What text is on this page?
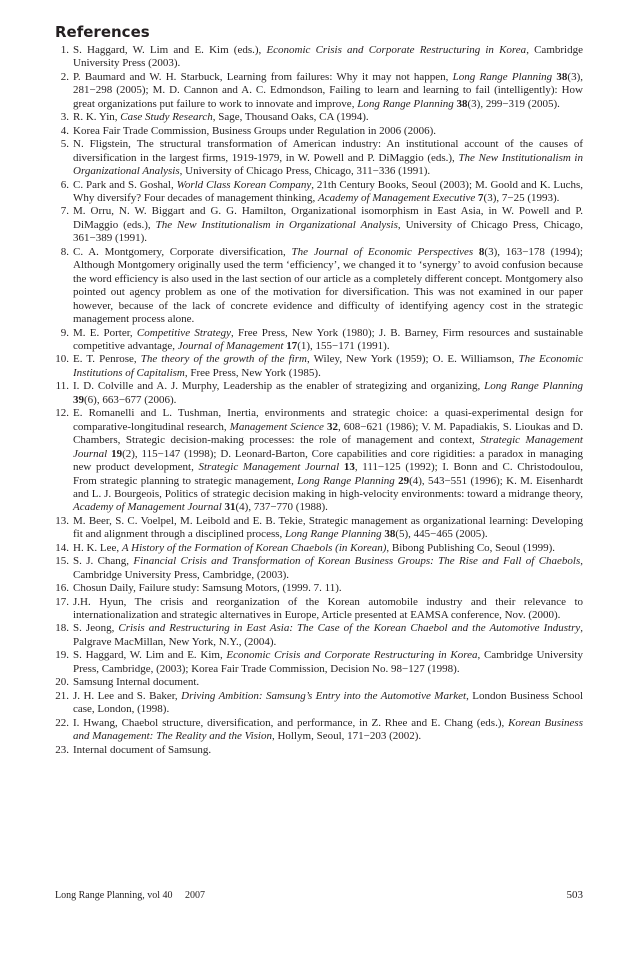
References
1. S. Haggard, W. Lim and E. Kim (eds.), Economic Crisis and Corporate Restructuring in Korea, Cambridge University Press (2003).
2. P. Baumard and W. H. Starbuck, Learning from failures: Why it may not happen, Long Range Planning 38(3), 281−298 (2005); M. D. Cannon and A. C. Edmondson, Failing to learn and learning to fail (intelligently): How great organizations put failure to work to innovate and improve, Long Range Planning 38(3), 299−319 (2005).
3. R. K. Yin, Case Study Research, Sage, Thousand Oaks, CA (1994).
4. Korea Fair Trade Commission, Business Groups under Regulation in 2006 (2006).
5. N. Fligstein, The structural transformation of American industry: An institutional account of the causes of diversification in the largest firms, 1919-1979, in W. Powell and P. DiMaggio (eds.), The New Institutionalism in Organizational Analysis, University of Chicago Press, Chicago, 311−336 (1991).
6. C. Park and S. Goshal, World Class Korean Company, 21th Century Books, Seoul (2003); M. Goold and K. Luchs, Why diversify? Four decades of management thinking, Academy of Management Executive 7(3), 7−25 (1993).
7. M. Orru, N. W. Biggart and G. G. Hamilton, Organizational isomorphism in East Asia, in W. Powell and P. DiMaggio (eds.), The New Institutionalism in Organizational Analysis, University of Chicago Press, Chicago, 361−389 (1991).
8. C. A. Montgomery, Corporate diversification, The Journal of Economic Perspectives 8(3), 163−178 (1994); Although Montgomery originally used the term ‘efficiency’, we changed it to ‘synergy’ to avoid confusion because the word efficiency is also used in the last section of our article as a completely different concept. Montgomery also pointed out agency problem as one of the motivation for diversification. This was not examined in our paper however, because of the lack of concrete evidence and difficulty of identifying agency cost in the strategic management process alone.
9. M. E. Porter, Competitive Strategy, Free Press, New York (1980); J. B. Barney, Firm resources and sustainable competitive advantage, Journal of Management 17(1), 155−171 (1991).
10. E. T. Penrose, The theory of the growth of the firm, Wiley, New York (1959); O. E. Williamson, The Economic Institutions of Capitalism, Free Press, New York (1985).
11. I. D. Colville and A. J. Murphy, Leadership as the enabler of strategizing and organizing, Long Range Planning 39(6), 663−677 (2006).
12. E. Romanelli and L. Tushman, Inertia, environments and strategic choice: a quasi-experimental design for comparative-longitudinal research, Management Science 32, 608−621 (1986); V. M. Papadiakis, S. Lioukas and D. Chambers, Strategic decision-making processes: the role of management and context, Strategic Management Journal 19(2), 115−147 (1998); D. Leonard-Barton, Core capabilities and core rigidities: a paradox in managing new product development, Strategic Management Journal 13, 111−125 (1992); I. Bonn and C. Christodoulou, From strategic planning to strategic management, Long Range Planning 29(4), 543−551 (1996); K. M. Eisenhardt and L. J. Bourgeois, Politics of strategic decision making in high-velocity environments: toward a midrange theory, Academy of Management Journal 31(4), 737−770 (1988).
13. M. Beer, S. C. Voelpel, M. Leibold and E. B. Tekie, Strategic management as organizational learning: Developing fit and alignment through a disciplined process, Long Range Planning 38(5), 445−465 (2005).
14. H. K. Lee, A History of the Formation of Korean Chaebols (in Korean), Bibong Publishing Co, Seoul (1999).
15. S. J. Chang, Financial Crisis and Transformation of Korean Business Groups: The Rise and Fall of Chaebols, Cambridge University Press, Cambridge, (2003).
16. Chosun Daily, Failure study: Samsung Motors, (1999. 7. 11).
17. J.H. Hyun, The crisis and reorganization of the Korean automobile industry and their relevance to internationalization and strategic alternatives in Europe, Article presented at EAMSA conference, Nov. (2000).
18. S. Jeong, Crisis and Restructuring in East Asia: The Case of the Korean Chaebol and the Automotive Industry, Palgrave MacMillan, New York, N.Y., (2004).
19. S. Haggard, W. Lim and E. Kim, Economic Crisis and Corporate Restructuring in Korea, Cambridge University Press, Cambridge, (2003); Korea Fair Trade Commission, Decision No. 98−127 (1998).
20. Samsung Internal document.
21. J. H. Lee and S. Baker, Driving Ambition: Samsung’s Entry into the Automotive Market, London Business School case, London, (1998).
22. I. Hwang, Chaebol structure, diversification, and performance, in Z. Rhee and E. Chang (eds.), Korean Business and Management: The Reality and the Vision, Hollym, Seoul, 171−203 (2002).
23. Internal document of Samsung.
Long Range Planning, vol 40 2007	503
